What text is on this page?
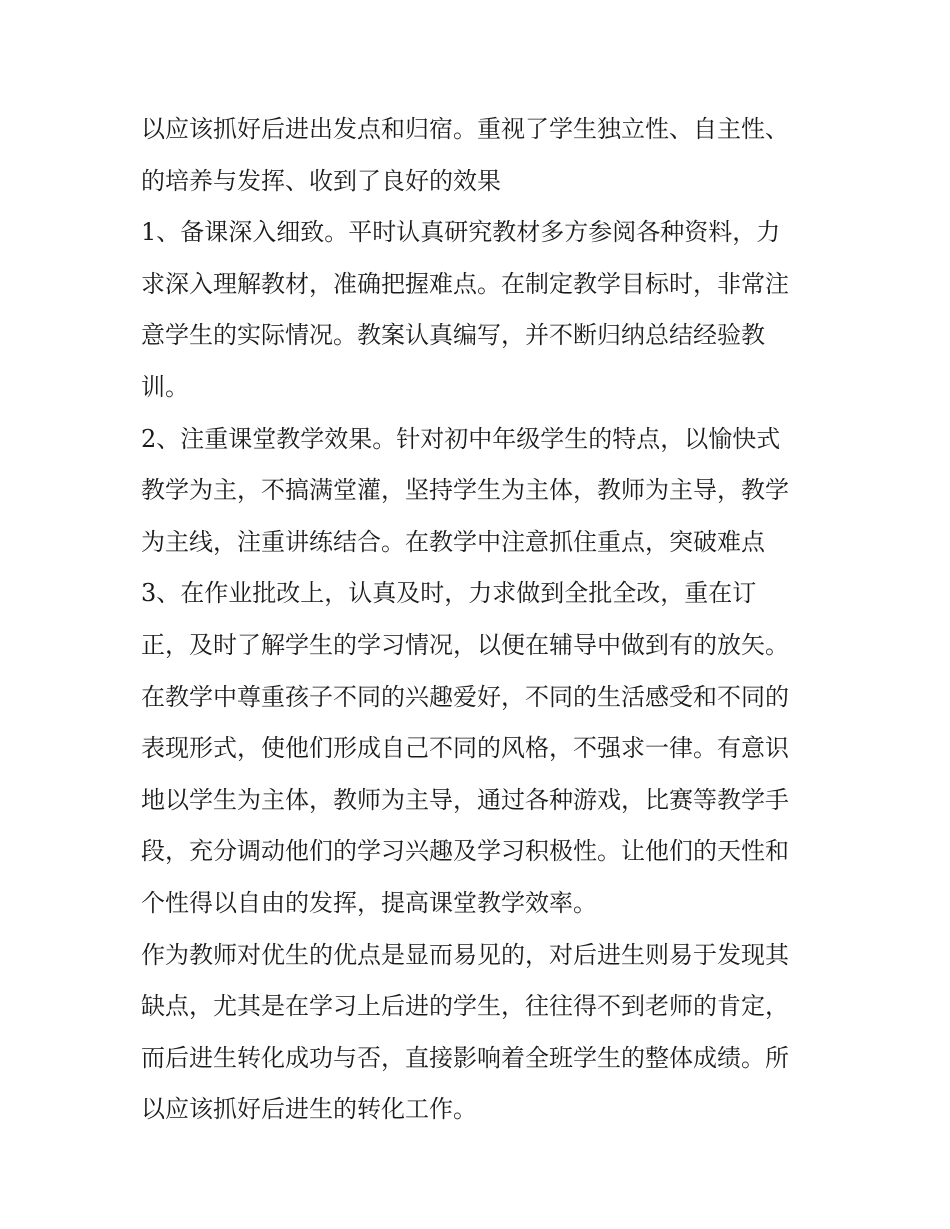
以应该抓好后进出发点和归宿。重视了学生独立性、自主性、
的培养与发挥、收到了良好的效果
1、备课深入细致。平时认真研究教材多方参阅各种资料，力
求深入理解教材，准确把握难点。在制定教学目标时，非常注
意学生的实际情况。教案认真编写，并不断归纳总结经验教
训。
2、注重课堂教学效果。针对初中年级学生的特点，以愉快式
教学为主，不搞满堂灌，坚持学生为主体，教师为主导，教学
为主线，注重讲练结合。在教学中注意抓住重点，突破难点
3、在作业批改上，认真及时，力求做到全批全改，重在订
正，及时了解学生的学习情况，以便在辅导中做到有的放矢。
在教学中尊重孩子不同的兴趣爱好，不同的生活感受和不同的
表现形式，使他们形成自己不同的风格，不强求一律。有意识
地以学生为主体，教师为主导，通过各种游戏，比赛等教学手
段，充分调动他们的学习兴趣及学习积极性。让他们的天性和
个性得以自由的发挥，提高课堂教学效率。
作为教师对优生的优点是显而易见的，对后进生则易于发现其
缺点，尤其是在学习上后进的学生，往往得不到老师的肯定，
而后进生转化成功与否，直接影响着全班学生的整体成绩。所
以应该抓好后进生的转化工作。
